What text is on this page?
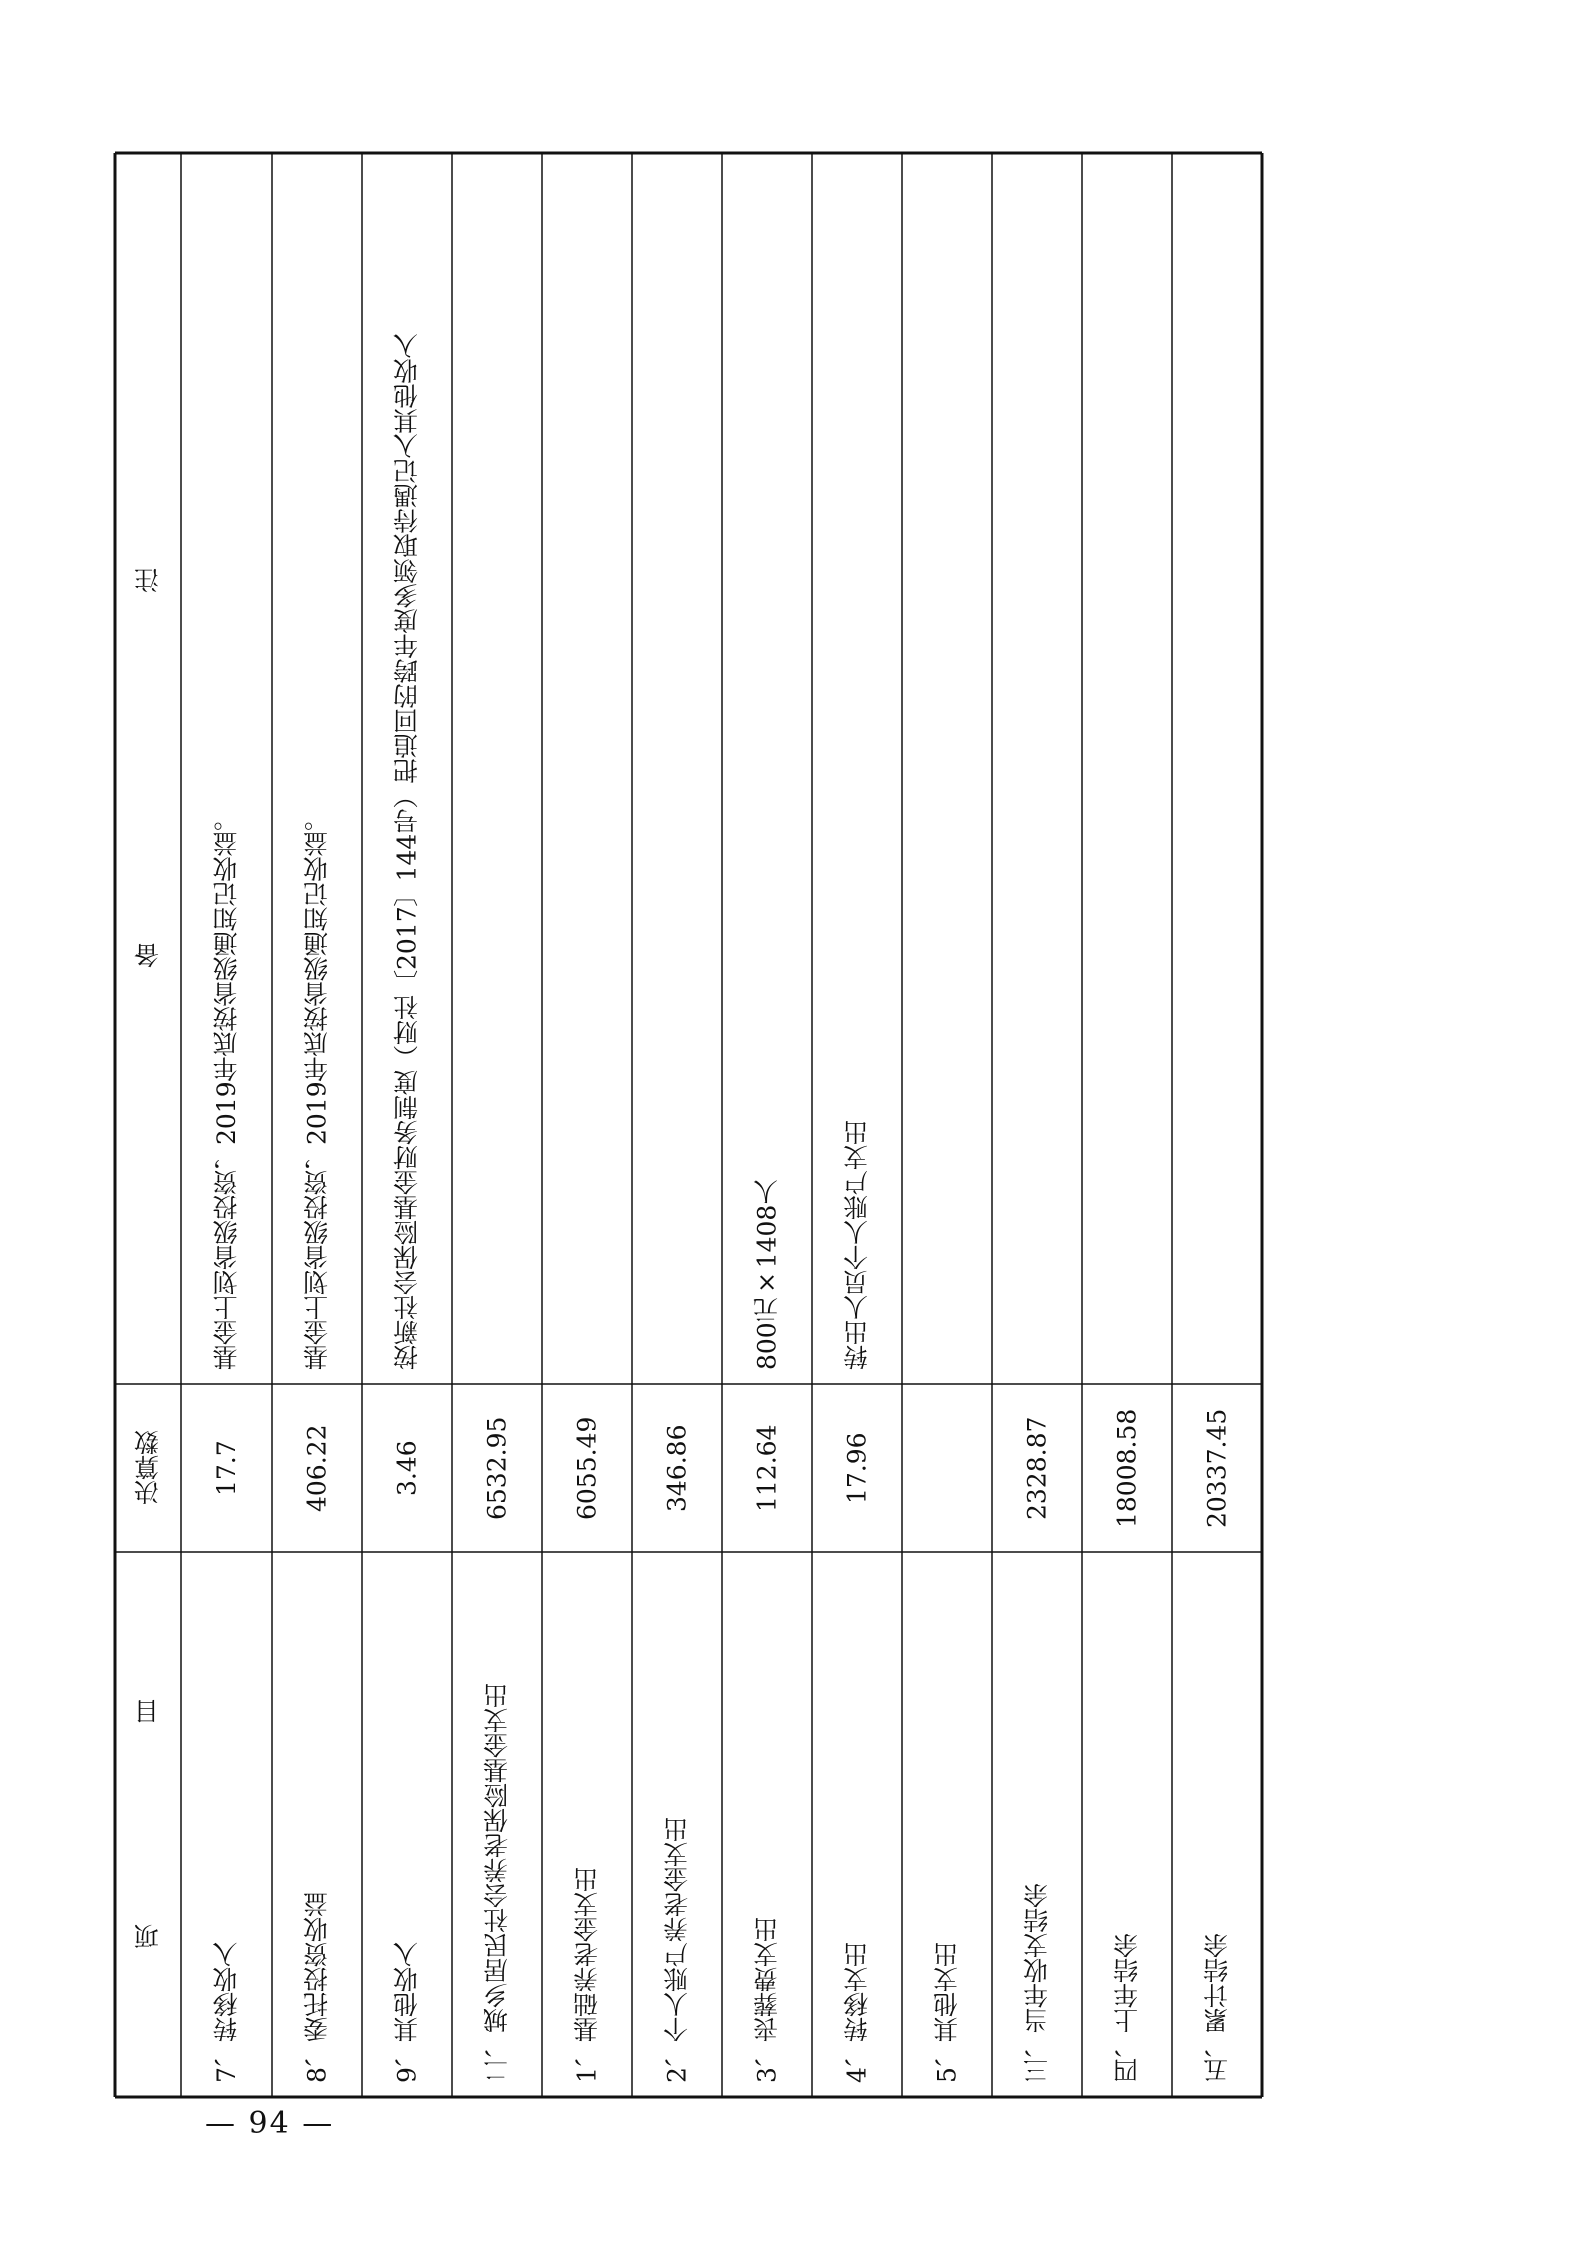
项　　　　　　　　目
决算数
备　　　　　　　　　　　　　　注
7、转移收入
17.7
基金上划省级投资，2019年底按省级通知记收益。
8、委托投资收益
406.22
基金上划省级投资，2019年底按省级通知记收益。
9、其他收入
3.46
按新社会保险基金财务制度（财社〔2017〕144号）把追回的跨年度多领取待遇记入其他收入
二、城乡居民社会养老保险基金支出
6532.95
1、基础养老金支出
6055.49
2、个人账户养老金支出
346.86
3、丧葬费支出
112.64
800元×1408人
4、转移支出
17.96
转出人员个人账户支出
5、其他支出	三、当年收支结余
2328.87
四、上年结余
18008.58
五、累计结余
20337.45
— 94 —
